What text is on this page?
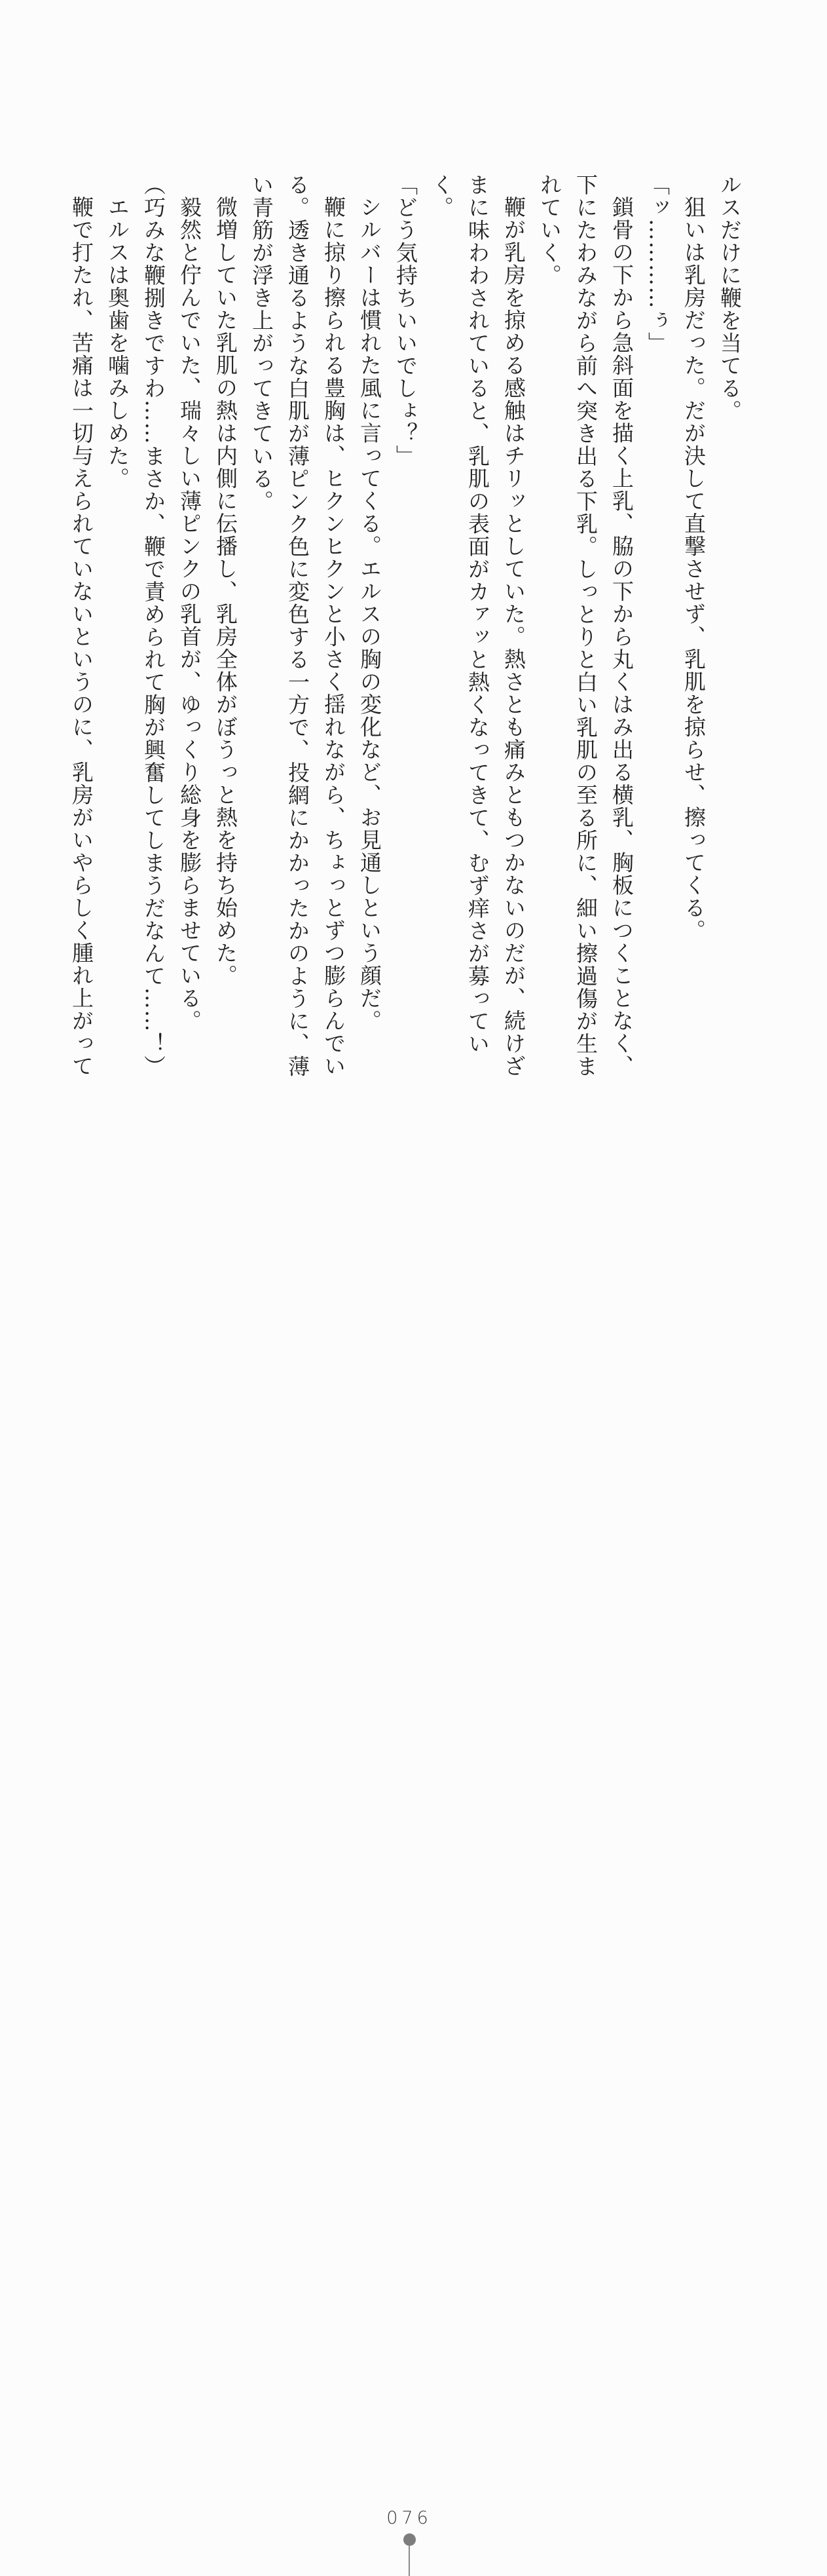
ルスだけに鞭を当てる。
狙いは乳房だった。だが決して直撃させず、乳肌を掠らせ、擦ってくる。
「ッ…………ぅ」
鎖骨の下から急斜面を描く上乳、脇の下から丸くはみ出る横乳、胸板につくことなく、
下にたわみながら前へ突き出る下乳。しっとりと白い乳肌の至る所に、細い擦過傷が生ま
れていく。
鞭が乳房を掠める感触はチリッとしていた。熱さとも痛みともつかないのだが、続けざ
まに味わわされていると、乳肌の表面がカァッと熱くなってきて、むず痒さが募っていく。
「どう気持ちいいでしょ？」
シルバーは慣れた風に言ってくる。エルスの胸の変化など、お見通しという顔だ。
鞭に掠り擦られる豊胸は、ヒクンヒクンと小さく揺れながら、ちょっとずつ膨らんでい
る。透き通るような白肌が薄ピンク色に変色する一方で、投網にかかったかのように、薄
い青筋が浮き上がってきている。
微増していた乳肌の熱は内側に伝播し、乳房全体がぼうっと熱を持ち始めた。
毅然と佇んでいた、瑞々しい薄ピンクの乳首が、ゆっくり総身を膨らませている。
（巧みな鞭捌きですわ……まさか、鞭で責められて胸が興奮してしまうだなんて……！）
エルスは奥歯を噛みしめた。
鞭で打たれ、苦痛は一切与えられていないというのに、乳房がいやらしく腫れ上がって
076
